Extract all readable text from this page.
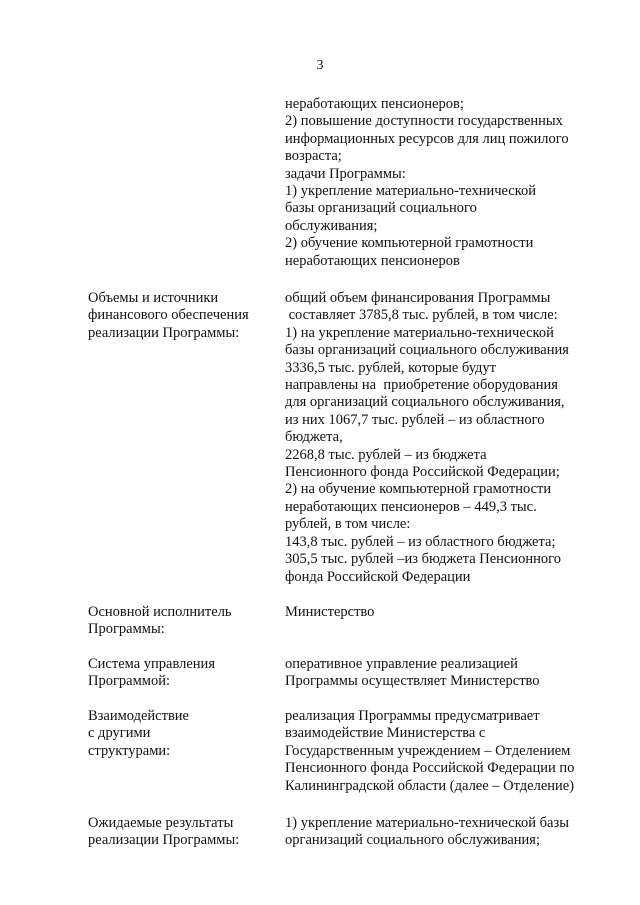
3
неработающих пенсионеров;
2) повышение доступности государственных
информационных ресурсов для лиц пожилого
возраста;
задачи Программы:
1) укрепление материально-технической
базы организаций социального
обслуживания;
2) обучение компьютерной грамотности
неработающих пенсионеров
Объемы и источники
финансового обеспечения
реализации Программы:
общий объем финансирования Программы
составляет 3785,8 тыс. рублей, в том числе:
1) на укрепление материально-технической
базы организаций социального обслуживания
3336,5 тыс. рублей, которые будут
направлены на  приобретение оборудования
для организаций социального обслуживания,
из них 1067,7 тыс. рублей – из областного
бюджета,
2268,8 тыс. рублей – из бюджета
Пенсионного фонда Российской Федерации;
2) на обучение компьютерной грамотности
неработающих пенсионеров – 449,3 тыс.
рублей, в том числе:
143,8 тыс. рублей – из областного бюджета;
305,5 тыс. рублей –из бюджета Пенсионного
фонда Российской Федерации
Основной исполнитель
Программы:
Министерство
Система управления
Программой:
оперативное управление реализацией
Программы осуществляет Министерство
Взаимодействие
с другими
структурами:
реализация Программы предусматривает
взаимодействие Министерства с
Государственным учреждением – Отделением
Пенсионного фонда Российской Федерации по
Калининградской области (далее – Отделение)
Ожидаемые результаты
реализации Программы:
1) укрепление материально-технической базы
организаций социального обслуживания;
